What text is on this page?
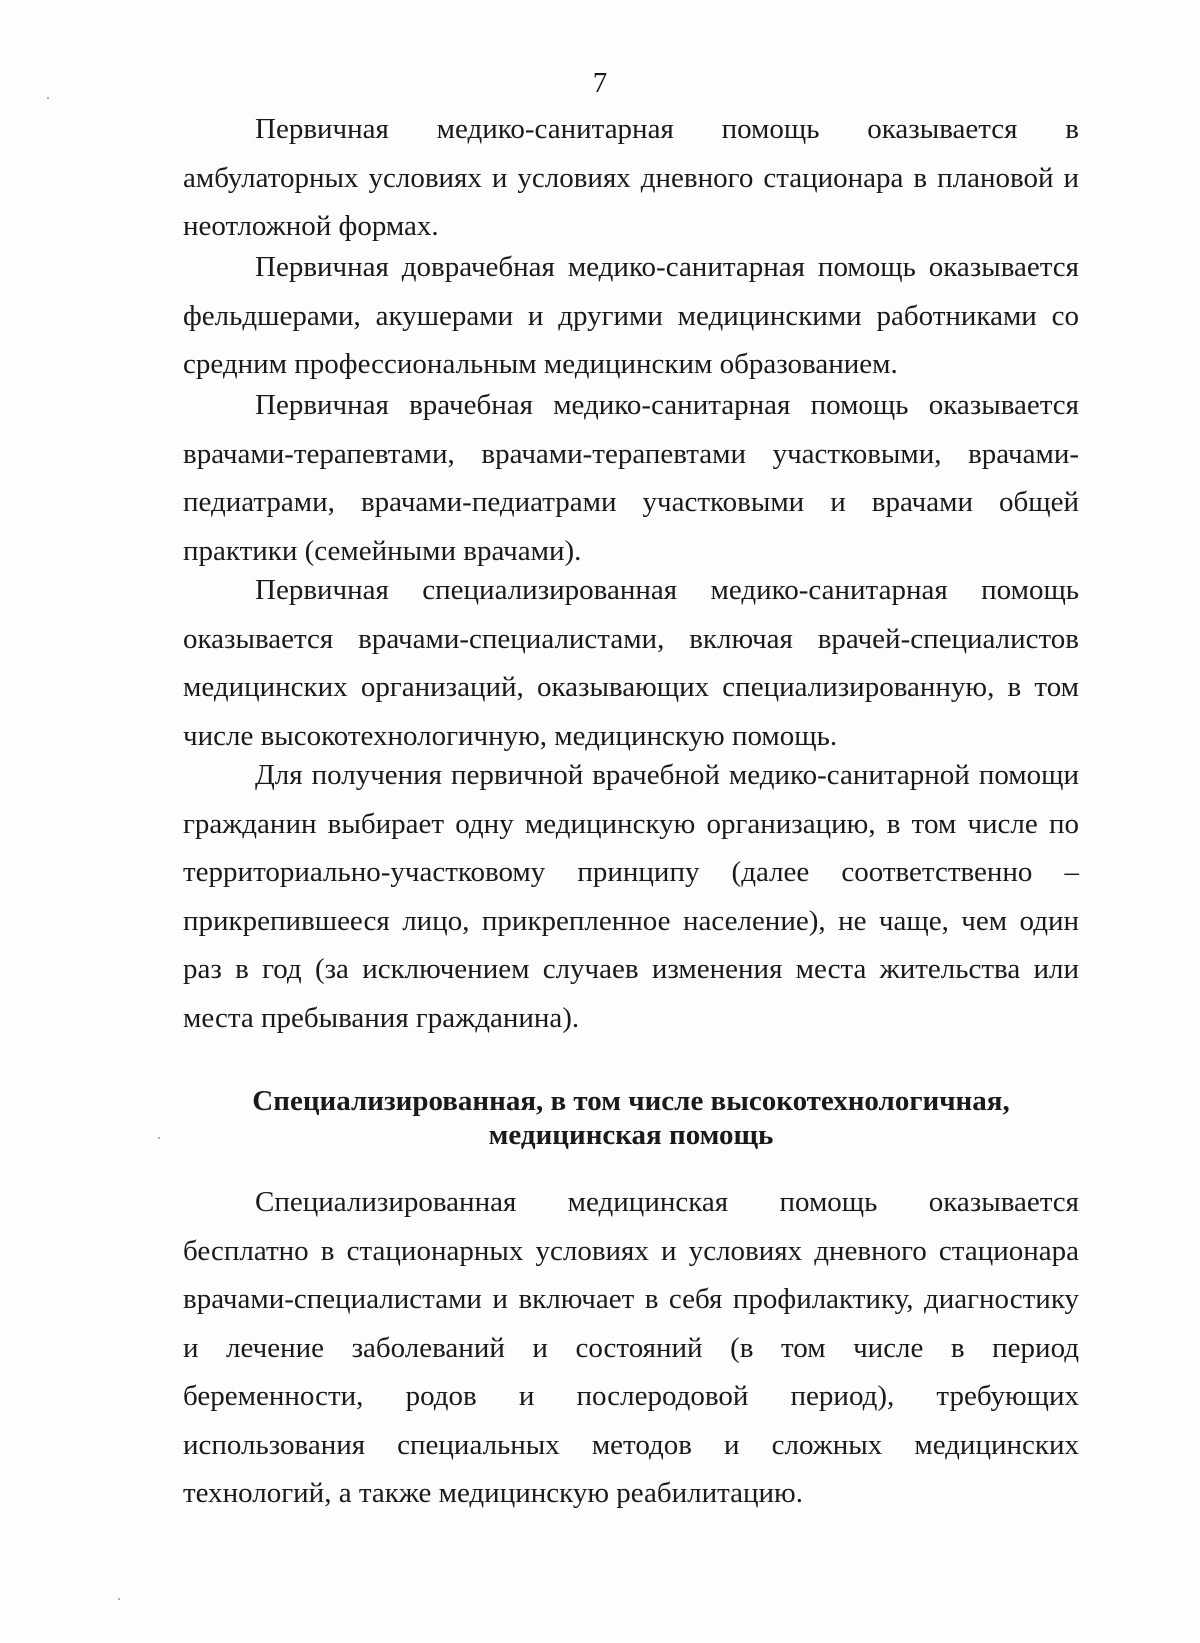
7

Первичная медико-санитарная помощь оказывается в амбулаторных условиях и условиях дневного стационара в плановой и неотложной формах.

Первичная доврачебная медико-санитарная помощь оказывается фельдшерами, акушерами и другими медицинскими работниками со средним профессиональным медицинским образованием.

Первичная врачебная медико-санитарная помощь оказывается врачами-терапевтами, врачами-терапевтами участковыми, врачами-педиатрами, врачами-педиатрами участковыми и врачами общей практики (семейными врачами).

Первичная специализированная медико-санитарная помощь оказывается врачами-специалистами, включая врачей-специалистов медицинских организаций, оказывающих специализированную, в том числе высокотехнологичную, медицинскую помощь.

Для получения первичной врачебной медико-санитарной помощи гражданин выбирает одну медицинскую организацию, в том числе по территориально-участковому принципу (далее соответственно – прикрепившееся лицо, прикрепленное население), не чаще, чем один раз в год (за исключением случаев изменения места жительства или места пребывания гражданина).

Специализированная, в том числе высокотехнологичная,
медицинская помощь

Специализированная медицинская помощь оказывается бесплатно в стационарных условиях и условиях дневного стационара врачами-специалистами и включает в себя профилактику, диагностику и лечение заболеваний и состояний (в том числе в период беременности, родов и послеродовой период), требующих использования специальных методов и сложных медицинских технологий, а также медицинскую реабилитацию.
